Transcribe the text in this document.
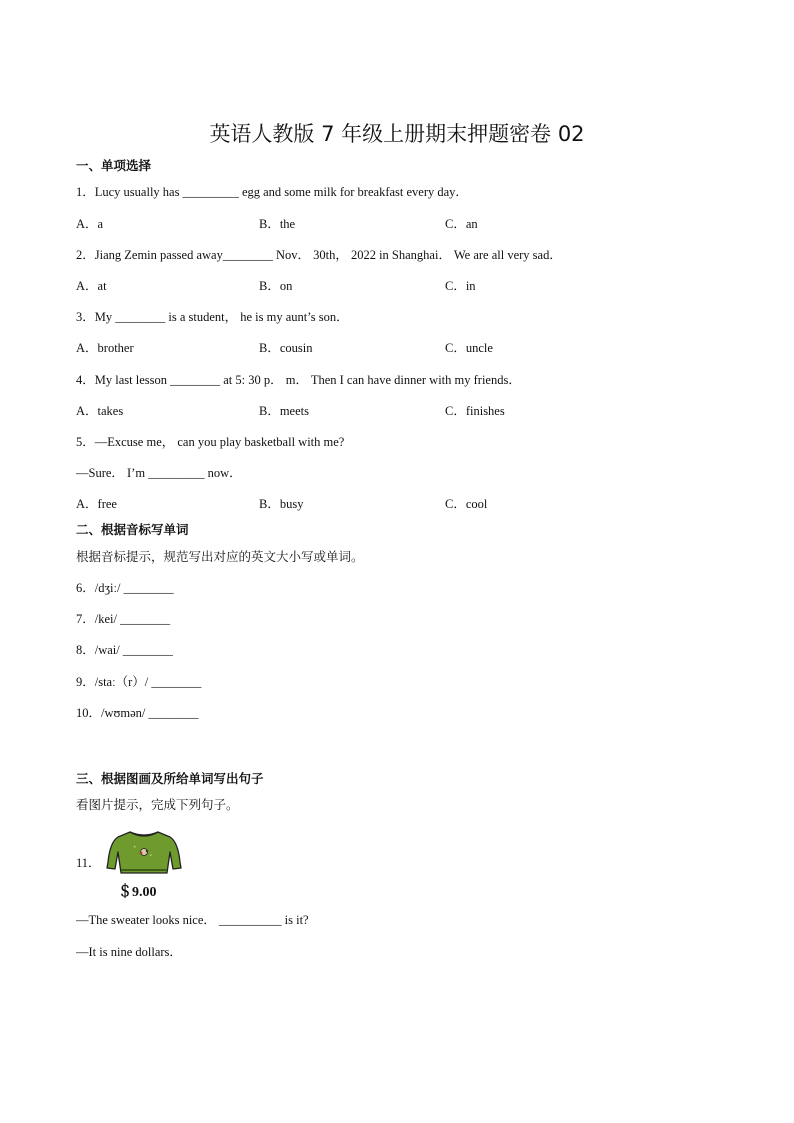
英语人教版 7 年级上册期末押题密卷 02
一、单项选择
1．Lucy usually has _________ egg and some milk for breakfast every day．
A．a	B．the	C．an
2．Jiang Zemin passed away________ Nov． 30th， 2022 in Shanghai． We are all very sad．
A．at	B．on	C．in
3．My ________ is a student， he is my aunt’s son．
A．brother	B．cousin	C．uncle
4．My last lesson ________ at 5: 30 p． m． Then I can have dinner with my friends．
A．takes	B．meets	C．finishes
5．—Excuse me， can you play basketball with me?
—Sure． I’m _________ now．
A．free	B．busy	C．cool
二、根据音标写单词
根据音标提示，规范写出对应的英文大小写或单词。
6．/dʒiː/ ________
7．/kei/ ________
8．/wai/ ________
9．/staː（r）/ ________
10．/wʊmən/ ________
三、根据图画及所给单词写出句子
看图片提示，完成下列句子。
11．
＄9.00
—The sweater looks nice． __________ is it?
—It is nine dollars．
